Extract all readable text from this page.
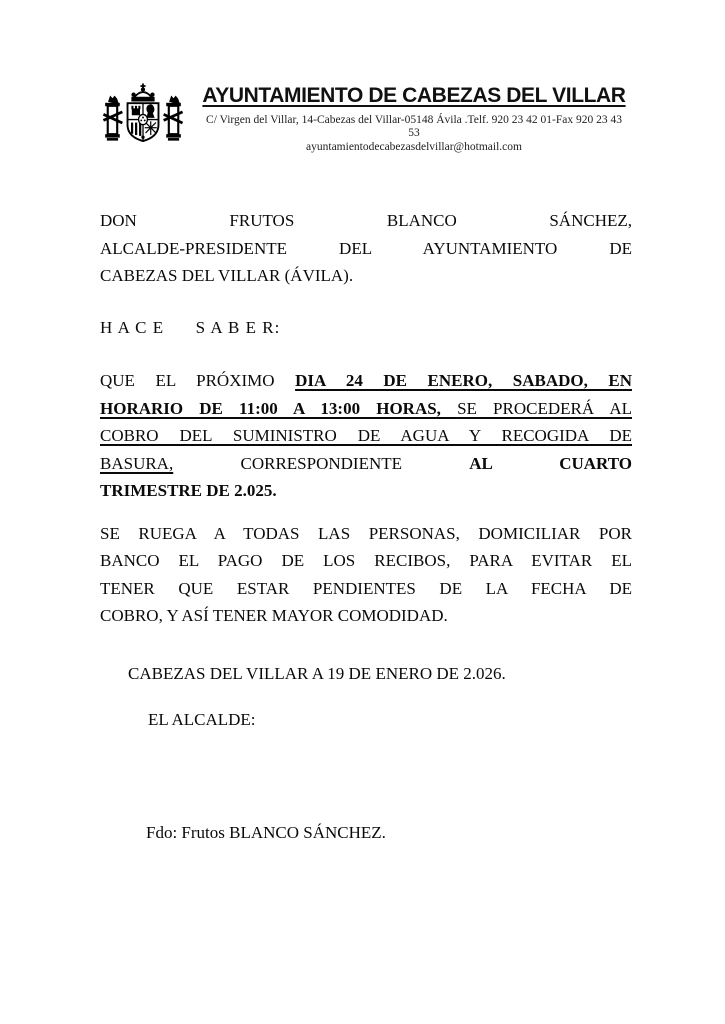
AYUNTAMIENTO DE CABEZAS DEL VILLAR
C/ Virgen del Villar, 14-Cabezas del Villar-05148 Ávila .Telf. 920 23 42 01-Fax 920 23 43
53
ayuntamientodecabezasdelvillar@hotmail.com
DON FRUTOS BLANCO SÁNCHEZ,
ALCALDE-PRESIDENTE DEL AYUNTAMIENTO DE
CABEZAS DEL VILLAR (ÁVILA).
H A C E      S A B E R:
QUE EL PRÓXIMO DIA 24 DE ENERO, SABADO, EN
HORARIO DE 11:00 A 13:00 HORAS, SE PROCEDERÁ AL
COBRO DEL SUMINISTRO DE AGUA Y RECOGIDA DE
BASURA, CORRESPONDIENTE AL CUARTO
TRIMESTRE DE 2.025.
SE RUEGA A TODAS LAS PERSONAS, DOMICILIAR POR
BANCO EL PAGO DE LOS RECIBOS, PARA EVITAR EL
TENER QUE ESTAR PENDIENTES DE LA FECHA DE
COBRO, Y ASÍ TENER MAYOR COMODIDAD.
CABEZAS DEL VILLAR A 19 DE ENERO DE 2.026.
EL ALCALDE:
Fdo: Frutos BLANCO SÁNCHEZ.
